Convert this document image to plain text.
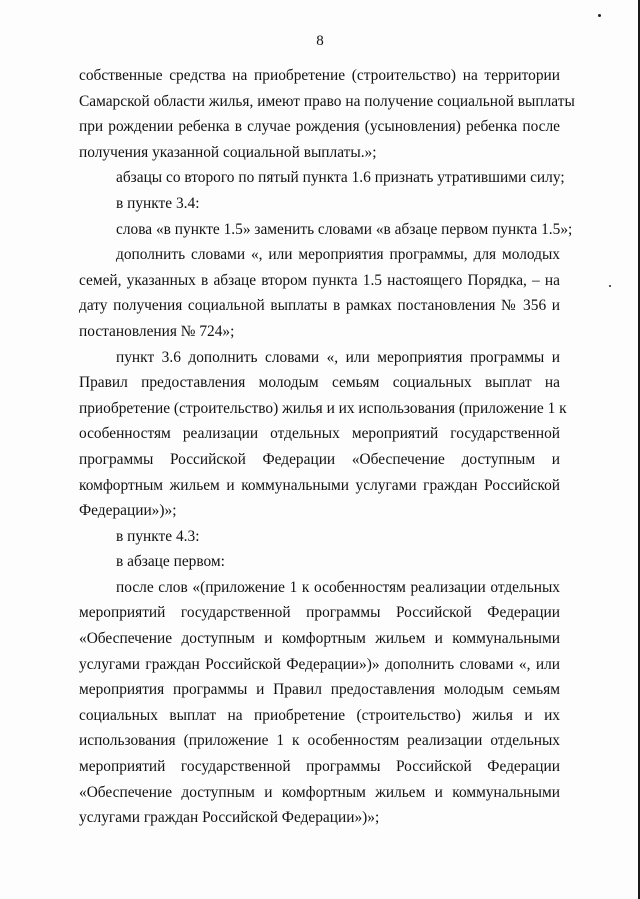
8
собственные средства на приобретение (строительство) на территории
Самарской области жилья, имеют право на получение социальной выплаты
при рождении ребенка в случае рождения (усыновления) ребенка после
получения указанной социальной выплаты.»;
абзацы со второго по пятый пункта 1.6 признать утратившими силу;
в пункте 3.4:
слова «в пункте 1.5» заменить словами «в абзаце первом пункта 1.5»;
дополнить словами «, или мероприятия программы, для молодых
семей, указанных в абзаце втором пункта 1.5 настоящего Порядка, – на
дату получения социальной выплаты в рамках постановления № 356 и
постановления № 724»;
пункт 3.6 дополнить словами «, или мероприятия программы и
Правил предоставления молодым семьям социальных выплат на
приобретение (строительство) жилья и их использования (приложение 1 к
особенностям реализации отдельных мероприятий государственной
программы Российской Федерации «Обеспечение доступным и
комфортным жильем и коммунальными услугами граждан Российской
Федерации»)»;
в пункте 4.3:
в абзаце первом:
после слов «(приложение 1 к особенностям реализации отдельных
мероприятий государственной программы Российской Федерации
«Обеспечение доступным и комфортным жильем и коммунальными
услугами граждан Российской Федерации»)» дополнить словами «, или
мероприятия программы и Правил предоставления молодым семьям
социальных выплат на приобретение (строительство) жилья и их
использования (приложение 1 к особенностям реализации отдельных
мероприятий государственной программы Российской Федерации
«Обеспечение доступным и комфортным жильем и коммунальными
услугами граждан Российской Федерации»)»;
